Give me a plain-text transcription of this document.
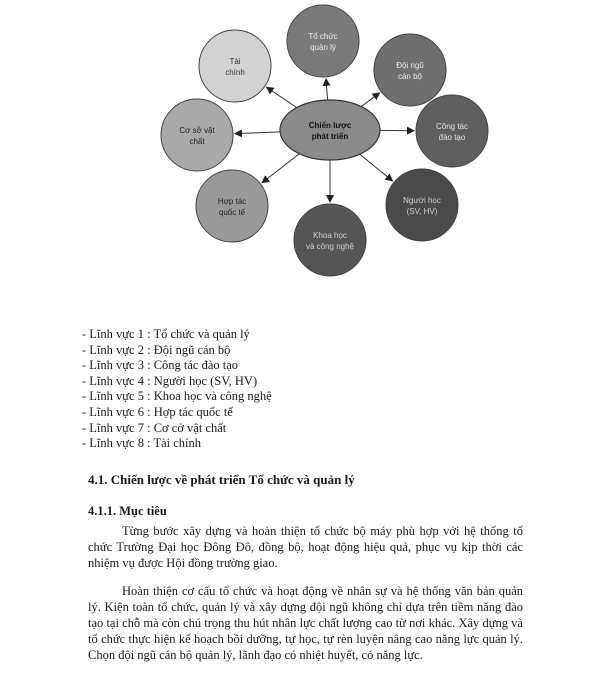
Tổ chức quản lý
Đội ngũ cán bộ
Công tác đào tạo
Người học (SV, HV)
Khoa học và công nghệ
Hợp tác quốc tế
Cơ sở vật chất
Tài chính
Chiến lược phát triển
- Lĩnh vực 1 : Tổ chức và quản lý
- Lĩnh vực 2 : Đội ngũ cán bộ
- Lĩnh vực 3 : Công tác đào tạo
- Lĩnh vực 4 : Người học (SV, HV)
- Lĩnh vực 5 : Khoa học và công nghệ
- Lĩnh vực 6 : Hợp tác quốc tế
- Lĩnh vực 7 : Cơ cở vật chất
- Lĩnh vực 8 : Tài chính
4.1. Chiến lược về phát triển Tổ chức và quản lý
4.1.1. Mục tiêu

Từng bước xây dựng và hoàn thiện tổ chức bộ máy phù hợp với hệ thống tổ chức Trường Đại học Đông Đô, đồng bộ, hoạt động hiệu quả, phục vụ kịp thời các nhiệm vụ được Hội đồng trường giao.

Hoàn thiện cơ cấu tổ chức và hoạt động về nhân sự và hệ thống văn bản quản lý. Kiện toàn tổ chức, quản lý và xây dựng đội ngũ không chỉ dựa trên tiềm năng đào tạo tại chỗ mà còn chú trọng thu hút nhân lực chất lượng cao từ nơi khác. Xây dựng và tổ chức thực hiện kế hoạch bồi dưỡng, tự học, tự rèn luyện nâng cao năng lực quản lý. Chọn đội ngũ cán bộ quản lý, lãnh đạo có nhiệt huyết, có năng lực.
